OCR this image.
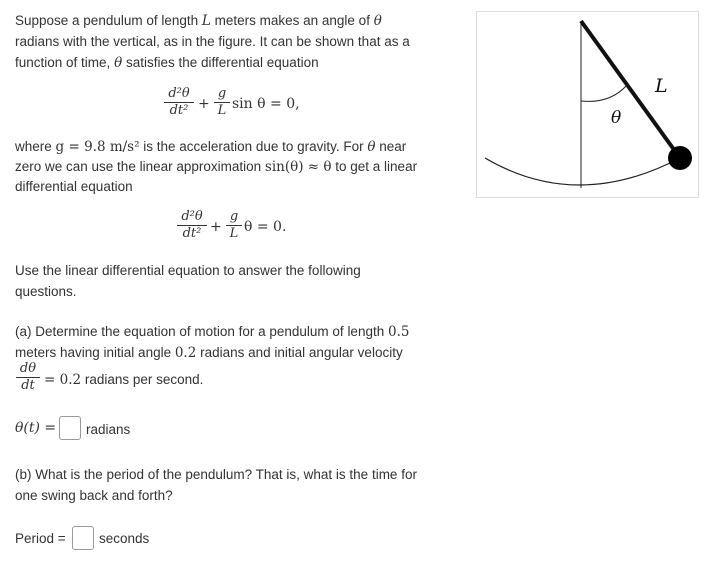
Suppose a pendulum of length L meters makes an angle of θ
radians with the vertical, as in the figure. It can be shown that as a
function of time, θ satisfies the differential equation
d²θ
dt² +
g
L sin θ = 0,
where g = 9.8 m/s² is the acceleration due to gravity. For θ near
zero we can use the linear approximation sin(θ) ≈ θ to get a linear
differential equation
d²θ
dt² +
g
L θ = 0.
Use the linear differential equation to answer the following
questions.
(a) Determine the equation of motion for a pendulum of length 0.5
meters having initial angle 0.2 radians and initial angular velocity
dθ
dt = 0.2 radians per second.
θ(t) = radians
(b) What is the period of the pendulum? That is, what is the time for
one swing back and forth?
Period = seconds
θ
L
